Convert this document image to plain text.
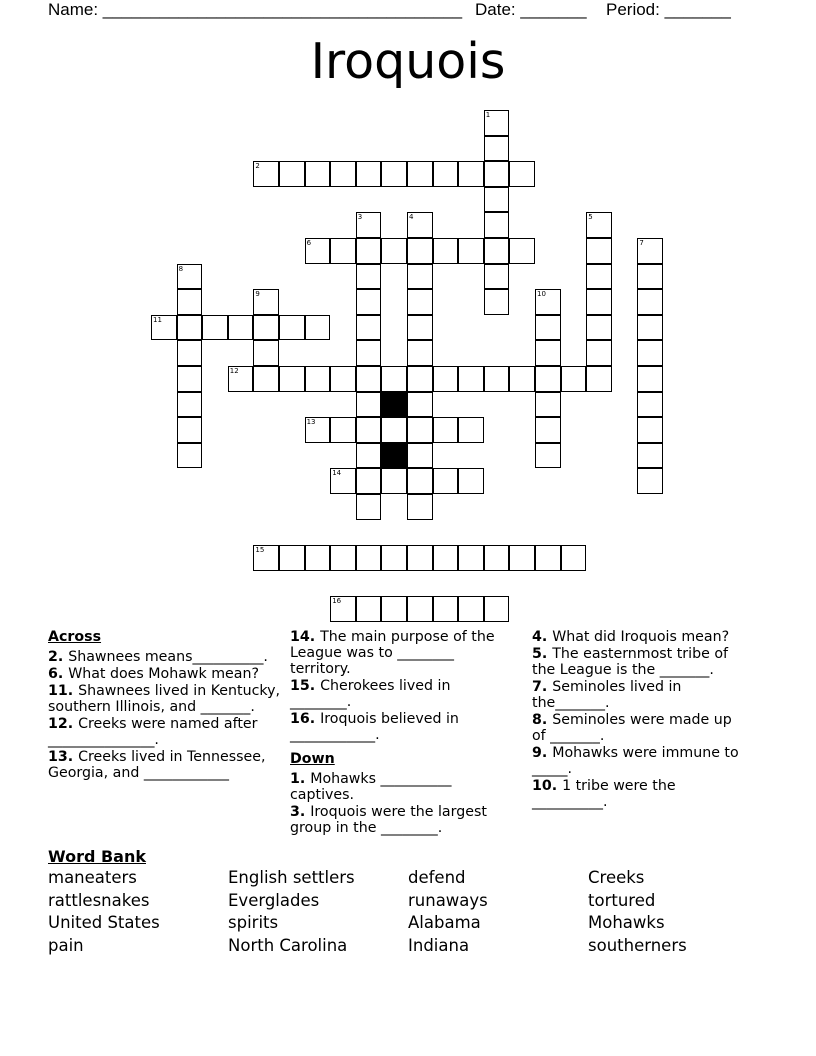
Name: ______________________________________ Date: _______ Period: _______
Iroquois
1
2
3	4	5
6	7
8
9	10
11
12
13
14
15
16
Across
2. Shawnees means__________.
6. What does Mohawk mean?
11. Shawnees lived in Kentucky, southern Illinois, and _______.
12. Creeks were named after _______________.
13. Creeks lived in Tennessee, Georgia, and ____________
14. The main purpose of the League was to ________ territory.
15. Cherokees lived in ________.
16. Iroquois believed in ____________.
Down
1. Mohawks __________ captives.
3. Iroquois were the largest group in the ________.
4. What did Iroquois mean?
5. The easternmost tribe of the League is the _______.
7. Seminoles lived in the_______.
8. Seminoles were made up of _______.
9. Mohawks were immune to _____.
10. 1 tribe were the __________.
Word Bank
maneaters
rattlesnakes
United States
pain
English settlers
Everglades
spirits
North Carolina
defend
runaways
Alabama
Indiana
Creeks
tortured
Mohawks
southerners
